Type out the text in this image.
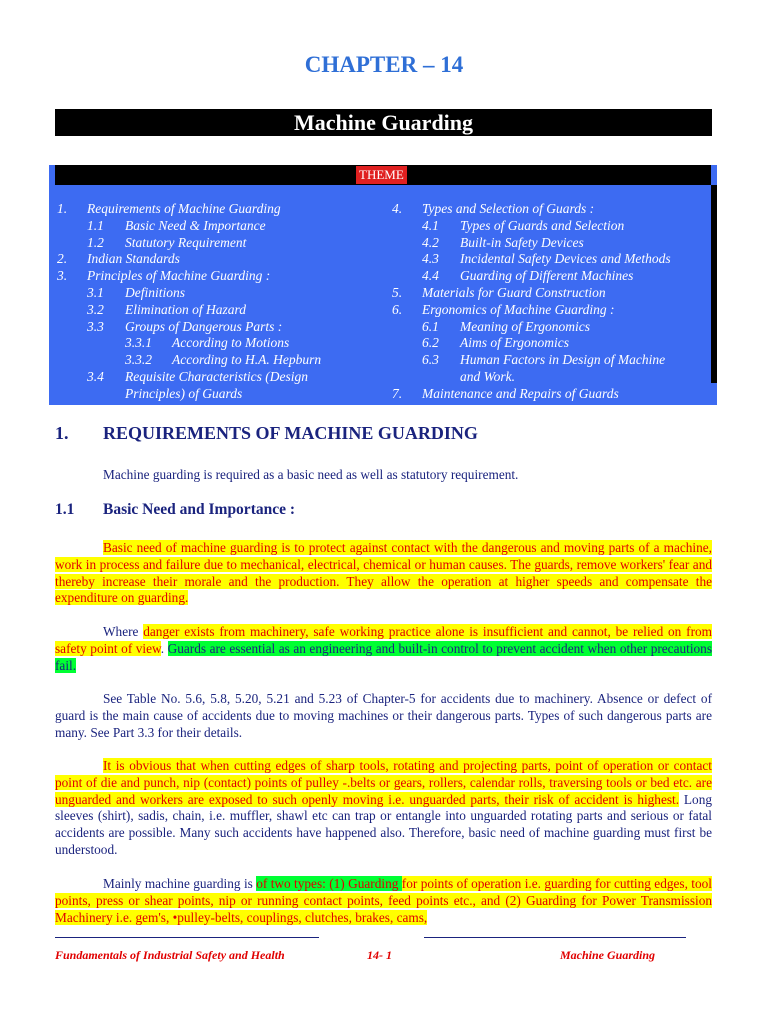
CHAPTER – 14
Machine Guarding
THEME
1. Requirements of Machine Guarding
1.1 Basic Need & Importance
1.2 Statutory Requirement
2. Indian Standards
3. Principles of Machine Guarding :
3.1 Definitions
3.2 Elimination of Hazard
3.3 Groups of Dangerous Parts :
3.3.1 According to Motions
3.3.2 According to H.A. Hepburn
3.4 Requisite Characteristics (Design
Principles) of Guards
4. Types and Selection of Guards :
4.1 Types of Guards and Selection
4.2 Built-in Safety Devices
4.3 Incidental Safety Devices and Methods
4.4 Guarding of Different Machines
5. Materials for Guard Construction
6. Ergonomics of Machine Guarding :
6.1 Meaning of Ergonomics
6.2 Aims of Ergonomics
6.3 Human Factors in Design of Machine
and Work.
7. Maintenance and Repairs of Guards
1. REQUIREMENTS OF MACHINE GUARDING

Machine guarding is required as a basic need as well as statutory requirement.

1.1 Basic Need and Importance :

Basic need of machine guarding is to protect against contact with the dangerous and moving parts of a machine, work in process and failure due to mechanical, electrical, chemical or human causes. The guards, remove workers' fear and thereby increase their morale and the production. They allow the operation at higher speeds and compensate the expenditure on guarding.

Where danger exists from machinery, safe working practice alone is insufficient and cannot, be relied on from safety point of view. Guards are essential as an engineering and built-in control to prevent accident when other precautions fail.

See Table No. 5.6, 5.8, 5.20, 5.21 and 5.23 of Chapter-5 for accidents due to machinery. Absence or defect of guard is the main cause of accidents due to moving machines or their dangerous parts. Types of such dangerous parts are many. See Part 3.3 for their details.

It is obvious that when cutting edges of sharp tools, rotating and projecting parts, point of operation or contact point of die and punch, nip (contact) points of pulley -.belts or gears, rollers, calendar rolls, traversing tools or bed etc. are unguarded and workers are exposed to such openly moving i.e. unguarded parts, their risk of accident is highest. Long sleeves (shirt), sadis, chain, i.e. muffler, shawl etc can trap or entangle into unguarded rotating parts and serious or fatal accidents are possible. Many such accidents have happened also. Therefore, basic need of machine guarding must first be understood.

Mainly machine guarding is of two types: (1) Guarding for points of operation i.e. guarding for cutting edges, tool points, press or shear points, nip or running contact points, feed points etc., and (2) Guarding for Power Transmission Machinery i.e. gem's, •pulley-belts, couplings, clutches, brakes, cams,

Fundamentals of Industrial Safety and Health	14- 1	Machine Guarding
